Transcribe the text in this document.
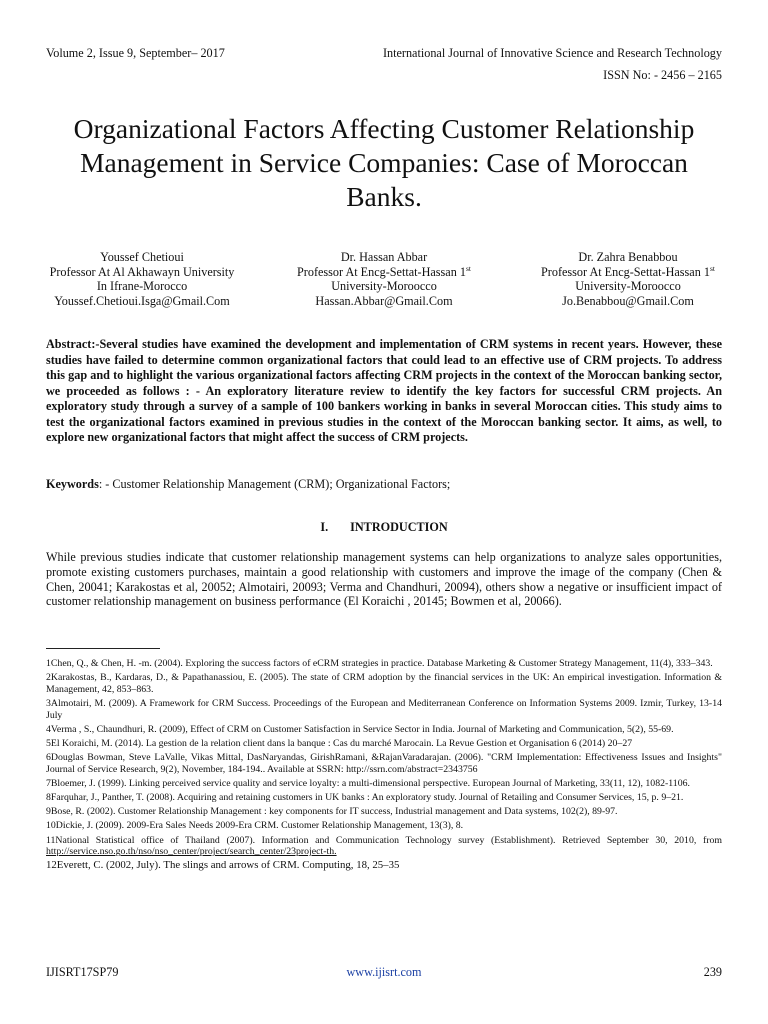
Volume 2, Issue 9, September– 2017	International Journal of Innovative Science and Research Technology
ISSN No: - 2456 – 2165
Organizational Factors Affecting Customer Relationship Management in Service Companies: Case of Moroccan Banks.
Youssef Chetioui
Professor At Al Akhawayn University
In Ifrane-Morocco
Youssef.Chetioui.Isga@Gmail.Com
Dr. Hassan Abbar
Professor At Encg-Settat-Hassan 1st
University-Moroocco
Hassan.Abbar@Gmail.Com
Dr. Zahra Benabbou
Professor At Encg-Settat-Hassan 1st
University-Moroocco
Jo.Benabbou@Gmail.Com
Abstract:-Several studies have examined the development and implementation of CRM systems in recent years. However, these studies have failed to determine common organizational factors that could lead to an effective use of CRM projects. To address this gap and to highlight the various organizational factors affecting CRM projects in the context of the Moroccan banking sector, we proceeded as follows : - An exploratory literature review to identify the key factors for successful CRM projects. An exploratory study through a survey of a sample of 100 bankers working in banks in several Moroccan cities. This study aims to test the organizational factors examined in previous studies in the context of the Moroccan banking sector. It aims, as well, to explore new organizational factors that might affect the success of CRM projects.
Keywords: - Customer Relationship Management (CRM); Organizational Factors;
I. INTRODUCTION
While previous studies indicate that customer relationship management systems can help organizations to analyze sales opportunities, promote existing customers purchases, maintain a good relationship with customers and improve the image of the company (Chen & Chen, 20041; Karakostas et al, 20052; Almotairi, 20093; Verma and Chandhuri, 20094), others show a negative or insufficient impact of customer relationship management on business performance (El Koraichi , 20145; Bowmen et al, 20066).
1Chen, Q., & Chen, H. -m. (2004). Exploring the success factors of eCRM strategies in practice. Database Marketing & Customer Strategy Management, 11(4), 333–343.
2Karakostas, B., Kardaras, D., & Papathanassiou, E. (2005). The state of CRM adoption by the financial services in the UK: An empirical investigation. Information & Management, 42, 853–863.
3Almotairi, M. (2009). A Framework for CRM Success. Proceedings of the European and Mediterranean Conference on Information Systems 2009. Izmir, Turkey, 13-14 July
4Verma , S., Chaundhuri, R. (2009), Effect of CRM on Customer Satisfaction in Service Sector in India. Journal of Marketing and Communication, 5(2), 55-69.
5El Koraichi, M. (2014). La gestion de la relation client dans la banque : Cas du marché Marocain. La Revue Gestion et Organisation 6 (2014) 20–27
6Douglas Bowman, Steve LaValle, Vikas Mittal, DasNaryandas, GirishRamani, &RajanVaradarajan. (2006). "CRM Implementation: Effectiveness Issues and Insights" Journal of Service Research, 9(2), November, 184-194.. Available at SSRN: http://ssrn.com/abstract=2343756
7Bloemer, J. (1999). Linking perceived service quality and service loyalty: a multi-dimensional perspective. European Journal of Marketing, 33(11, 12), 1082-1106.
8Farquhar, J., Panther, T. (2008). Acquiring and retaining customers in UK banks : An exploratory study. Journal of Retailing and Consumer Services, 15, p. 9–21.
9Bose, R. (2002). Customer Relationship Management : key components for IT success, Industrial management and Data systems, 102(2), 89-97.
10Dickie, J. (2009). 2009-Era Sales Needs 2009-Era CRM. Customer Relationship Management, 13(3), 8.
11National Statistical office of Thailand (2007). Information and Communication Technology survey (Establishment). Retrieved September 30, 2010, from http://service.nso.go.th/nso/nso_center/project/search_center/23project-th.
12Everett, C. (2002, July). The slings and arrows of CRM. Computing, 18, 25–35
IJISRT17SP79	www.ijisrt.com	239
